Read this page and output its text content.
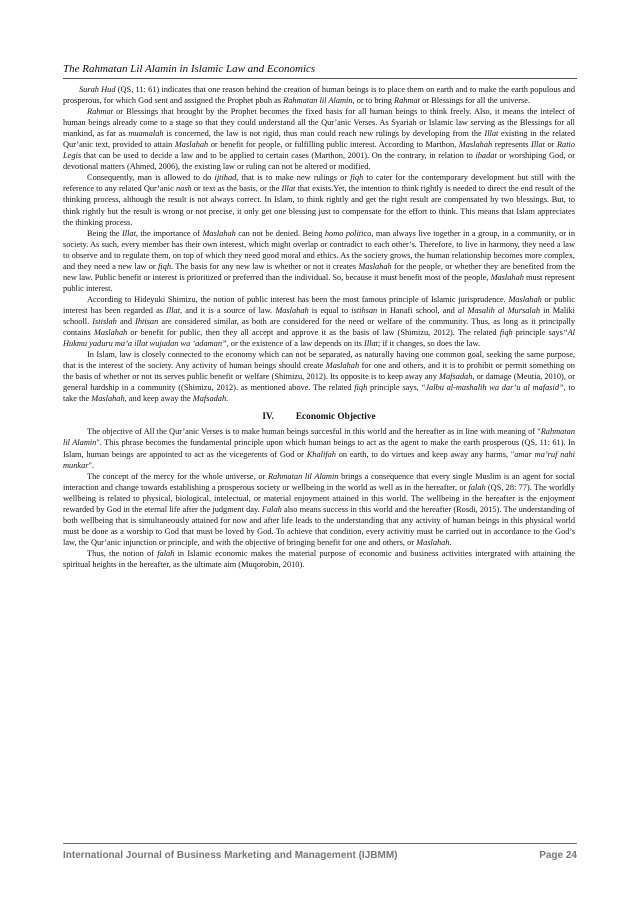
The Rahmatan Lil Alamin in Islamic Law and Economics

Surah Hud (QS, 11: 61) indicates that one reason behind the creation of human beings is to place them on earth and to make the earth populous and prosperous, for which God sent and assigned the Prophet pbuh as Rahmatan lil Alamin, or to bring Rahmat or Blessings for all the universe.

Rahmat or Blessings that brought by the Prophet becomes the fixed basis for all human beings to think freely. Also, it means the intelect of human beings already come to a stage so that they could understand all the Qur’anic Verses. As Syariah or Islamic law serving as the Blessings for all mankind, as far as muamalah is concerned, the law is not rigid, thus man could reach new rulings by developing from the Illat existing in the related Qur’anic text, provided to attain Maslahah or benefit for people, or fulfilling public interest. According to Marthon, Maslahah represents Illat or Ratio Legis that can be used to decide a law and to be applied to certain cases (Marthon, 2001). On the contrary, in relation to ibadat or worshiping God, or devotional matters (Ahmed, 2006), the existing law or ruling can not be altered or modified.

Consequently, man is allowed to do ijtihad, that is to make new rulings or fiqh to cater for the contemporary development but still with the reference to any related Qur’anic nash or text as the basis, or the Illat that exists.Yet, the intention to think rightly is needed to direct the end result of the thinking process, although the result is not always correct. In Islam, to think rightly and get the right result are compensated by two blessings. But, to think rightly but the result is wrong or not precise, it only get one blessing just to compensate for the effort to think. This means that Islam appreciates the thinking process.

Being the Illat, the importance of Maslahah can not be denied. Being homo politico, man always live together in a group, in a community, or in society. As such, every member has their own interest, which might overlap or contradict to each other’s. Therefore, to live in harmony, they need a law to observe and to regulate them, on top of which they need good moral and ethics. As the society grows, the human relationship becomes more complex, and they need a new law or fiqh. The basis for any new law is whether or not it creates Maslahah for the people, or whether they are benefited from the new law. Public benefit or interest is prioritized or preferred than the individual. So, because it must benefit most of the people, Maslahah must represent public interest.

According to Hideyuki Shimizu, the notion of public interest has been the most famous principle of Islamic jurisprudence. Maslahah or public interest has been regarded as Illat, and it is a source of law. Maslahah is equal to istihsan in Hanafi school, and al Masalih al Mursalah in Maliki schooll. Istislah and Ihtisan are considered similar, as both are considered for the need or welfare of the community. Thus, as long as it principally contains Maslahah or benefit for public, then they all accept and approve it as the basis of law (Shimizu, 2012). The related fiqh principle says“Al Hukmu yaduru ma’a illat wujudan wa ‘adaman”, or the existence of a law depends on its Illat; if it changes, so does the law.

In Islam, law is closely connected to the economy which can not be separated, as naturally having one common goal, seeking the same purpose, that is the interest of the society. Any activity of human beings should create Maslahah for one and others, and it is to prohibit or permit something on the basis of whether or not its serves public benefit or welfare (Shimizu, 2012). Its opposite is to keep away any Mafsadah, or damage (Meutia, 2010), or general hardship in a community ((Shimizu, 2012). as mentioned above. The related fiqh principle says, “Jalbu al-mashalih wa dar’u al mafasid”, to take the Maslahah, and keep away the Mafsadah.

IV. Economic Objective

The objective of All the Qur’anic Verses is to make human beings succesful in this world and the hereafter as in line with meaning of "Rahmatan lil Alamin". This phrase becomes the fundamental principle upon which human beings to act as the agent to make the earth prosperous (QS, 11: 61). In Islam, human beings are appointed to act as the vicegerents of God or Khalifah on earth, to do virtues and keep away any harms, "amar ma’ruf nahi munkar".

The concept of the mercy for the whole universe, or Rahmatan lil Alamin brings a consequence that every single Muslim is an agent for social interaction and change towards establishing a prosperous society or wellbeing in the world as well as in the hereafter, or falah (QS, 28: 77). The worldly wellbeing is related to physical, biological, intelectual, or material enjoyment attained in this world. The wellbeing in the hereafter is the enjoyment rewarded by God in the eternal life after the judgment day. Falah also means success in this world and the hereafter (Rosdi, 2015). The understanding of both wellbeing that is simultaneously attained for now and after life leads to the understanding that any activity of human beings in this physical world must be done as a worship to God that must be loved by God. To achieve that condition, every activitiy must be carried out in accordance to the God’s law, the Qur’anic injunction or principle, and with the objective of bringing benefit for one and others, or Maslahah.

Thus, the notion of falah in Islamic economic makes the material purpose of economic and business activities intergrated with attaining the spiritual heights in the hereafter, as the ultimate aim (Muqorobin, 2010).

International Journal of Business Marketing and Management (IJBMM)	Page 24
